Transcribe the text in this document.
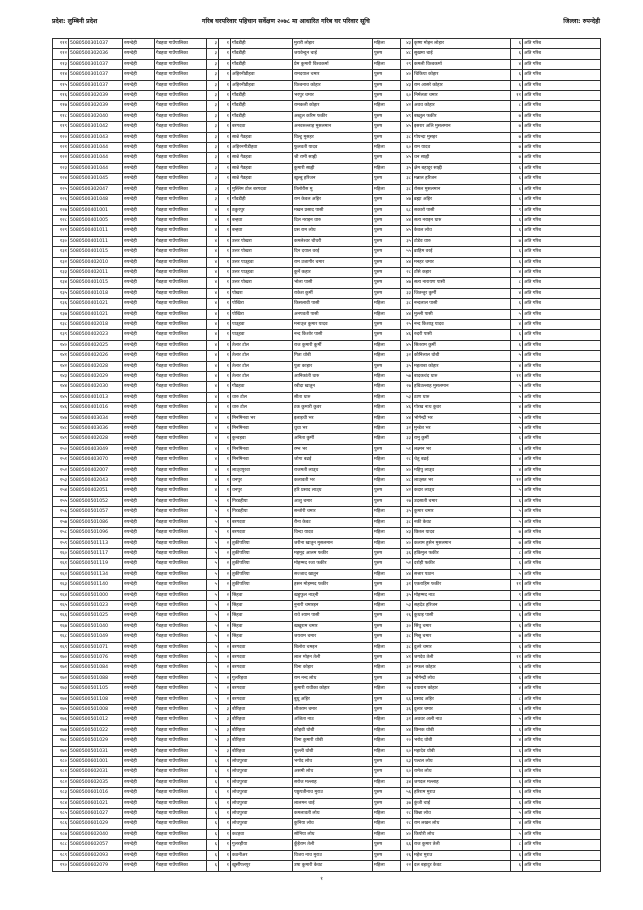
प्रदेश: लुम्बिनी प्रदेश	गरिब घरपरिवार पहिचान सर्वेक्षण २०७८ मा आधारित गरिब घर परिवार सूचि	जिल्ला: रुपन्देही
१११	5080500301037	रुपन्देही	गैडहवा गाउँपालिका	३	१	गाँवडीही	मुरारी लोहार	महिला	४३	कृष्ण मोहन लोहार	६	अति गरिब
११२	5080500302036	रुपन्देही	गैडहवा गाउँपालिका	३	१	गाँवडीही	जयवेन्दुन चाई	पुरुष	४८	सुखमा चाई	६	अति गरिब
११३	5080500301037	रुपन्देही	गैडहवा गाउँपालिका	३	१	गाँवडीही	प्रेम कुमारी विश्वकर्मा	महिला	२९	कमली विश्वकर्मा	४	अति गरिब
११४	5080500301037	रुपन्देही	गैडहवा गाउँपालिका	३	१	अहिरनीडीहवा	रामदयाल चमार	पुरुष	४०	चिकिया कोहार	६	अति गरिब
११५	5080500301037	रुपन्देही	गैडहवा गाउँपालिका	३	१	अहिरनीडीहवा	विश्वनाथ कोहार	पुरुष	४३	राम आसरे कोहार	६	अति गरिब
११६	5080500302039	रुपन्देही	गैडहवा गाउँपालिका	३	१	गाँवडीही	भरपुर चमार	पुरुष	६०	निर्मलता चमार	११	अति गरिब
११७	5080500302039	रुपन्देही	गैडहवा गाउँपालिका	३	१	गाँवडीही	रामकली कोहार	महिला	४२	अवध कोहार	८	अति गरिब
११८	5080500302040	रुपन्देही	गैडहवा गाउँपालिका	३	१	गाँवडीही	अब्दुल करिम फकीर	पुरुष	४९	बख्तुल फकीर	७	अति गरिब
११९	5080500301042	रुपन्देही	गैडहवा गाउँपालिका	३	१	बरगदवा	अनवरुल्लाह मुसलमान	पुरुष	४५	इसरार अलि मुसलमान	७	अति गरिब
१२०	5080500301043	रुपन्देही	गैडहवा गाउँपालिका	३	१	सान्ने गैडहवा	विल्टु मुसहर	पुरुष	३८	गोयन्दा मुसहर	७	अति गरिब
१२१	5080500301044	रुपन्देही	गैडहवा गाउँपालिका	३	१	अहिरनगीडीहवा	फुलवती यादव	महिला	६०	राम यादव	७	अति गरिब
१२२	5080500301044	रुपन्देही	गैडहवा गाउँपालिका	३	१	सान्ने गैडहवा	श्री रामी साह्नी	पुरुष	४५	धन साह्नी	७	अति गरिब
१२३	5080500301044	रुपन्देही	गैडहवा गाउँपालिका	३	१	सान्ने गैडहवा	कुमारी साह्नी	महिला	३५	क्षेम बहादुर साह्नी	६	अति गरिब
१२४	5080500301045	रुपन्देही	गैडहवा गाउँपालिका	३	१	सान्ने गैडहवा	खुल्बु हरिजन	पुरुष	३८	मन्नाल हरिजन	६	अति गरिब
१२५	5080500302047	रुपन्देही	गैडहवा गाउँपालिका	३	१	मुस्लिम टोल बरगदवा	तिलोरीस मु	महिला	३८	रोसल मुसलमान	६	अति गरिब
१२६	5080500301048	रुपन्देही	गैडहवा गाउँपालिका	३	१	गाँवडीही	राम केवल अहिर	पुरुष	४७	ब्रह्मा अहिर	६	अति गरिब
१२७	5080500401001	रुपन्देही	गैडहवा गाउँपालिका	४	१	ठकुरपुर	मखन प्रसाद पासी	पुरुष	६८	सकारो पासी	९	अति गरिब
१२८	5080500401005	रुपन्देही	गैडहवा गाउँपालिका	४	१	बन्हवा	दिल नराइन धारु	पुरुष	४४	सत्य नराइन धारु	६	अति गरिब
१२९	5080500401011	रुपन्देही	गैडहवा गाउँपालिका	४	१	बन्हवा	प्रस राम लोध	पुरुष	४५	केवल लोध	६	अति गरिब
१३०	5080500401011	रुपन्देही	गैडहवा गाउँपालिका	४	१	उत्तर पोखरा	कमलेश्वर चौधरी	पुरुष	३५	टोडेव धारु	७	अति गरिब
१३१	5080500401015	रुपन्देही	गैडहवा गाउँपालिका	४	१	उत्तर पोखरा	दिन दयाल वरई	पुरुष	५५	ब्राहिम वरई	६	अति गरिब
१३२	5080500402010	रुपन्देही	गैडहवा गाउँपालिका	४	१	उत्तर पाउ्हवा	राम उजागीर चमार	पुरुष	४४	मनहर चमार	६	अति गरिब
१३३	5080500402011	रुपन्देही	गैडहवा गाउँपालिका	४	१	उत्तर पाउ्हवा	कुर्ने कहार	पुरुष	२८	टाँसे कहार	४	अति गरिब
१३४	5080500401015	रुपन्देही	गैडहवा गाउँपालिका	४	१	उत्तर पोखरा	भोला पासी	पुरुष	४७	सत्य नारायण पासी	८	अति गरिब
१३५	5080500401018	रुपन्देही	गैडहवा गाउँपालिका	४	१	पोखरा	राकेश कुर्मी	पुरुष	३३	जितन्तुर कुर्मी	४	अति गरिब
१३६	5080500401021	रुपन्देही	गैडहवा गाउँपालिका	४	१	पोखिरा	किसलावी पासी	महिला	३८	नन्दलाल पासी	६	अति गरिब
१३७	5080500401021	रुपन्देही	गैडहवा गाउँपालिका	४	१	पोखिरा	अनपवती पासी	महिला	४४	मुल्ली पासी	५	अति गरिब
१३८	5080500402018	रुपन्देही	गैडहवा गाउँपालिका	४	१	पाउ्हवा	मनाउ्ज कुमार यादव	पुरुष	२५	नन्द किशाउ्र यादव	४	अति गरिब
१३९	5080500402023	रुपन्देही	गैडहवा गाउँपालिका	४	१	पाउ्हवा	नन्द किशोर पासी	पुरुष	४६	रुदरी पासी	६	अति गरिब
१४०	5080500402025	रुपन्देही	गैडहवा गाउँपालिका	४	१	तेलार टोल	राज कुमारी कुर्मी	महिला	४५	सितराम कुर्मी	६	अति गरिब
१४१	5080500402026	रुपन्देही	गैडहवा गाउँपालिका	४	१	तेलार टोल	गिता धोबी	महिला	३२	कौनिलाल धोबी	५	अति गरिब
१४२	5080500402028	रुपन्देही	गैडहवा गाउँपालिका	४	१	तेलार टोल	पुता काहार	पुरुष	३५	महताबा कोहार	४	अति गरिब
१४३	5080500402029	रुपन्देही	गैडहवा गाउँपालिका	४	१	तेलार टोल	आनिकांती धारु	महिला	५७	बादकचंद धारु	११	अति गरिब
१४४	5080500402030	रुपन्देही	गैडहवा गाउँपालिका	४	१	गौडहवा	रबीदा खातुन	महिला	२७	हबिउल्लाह मुसलमान	५	अति गरिब
१४५	5080500401013	रुपन्देही	गैडहवा गाउँपालिका	४	१	धारु टोल	सीता धारु	महिला	५३	ठाण धारु	५	अति गरिब
१४६	5080500401016	रुपन्देही	गैडहवा गाउँपालिका	४	१	धारु टोल	टक कुमारी कुवर	महिला	४६	गोरख नाथ कुवर	४	अति गरिब
१४७	5080500403034	रुपन्देही	गैडहवा गाउँपालिका	४	१	मिनमिनवा भर	इलाइची भर	महिला	४४	भोगेन्द्री भर	५	अति गरिब
१४८	5080500403036	रुपन्देही	गैडहवा गाउँपालिका	४	१	मिनमिनवा	धुधा भर	महिला	३२	मुन्डेश भर	५	अति गरिब
१४९	5080500402028	रुपन्देही	गैडहवा गाउँपालिका	४	१	कुन्वहवा	अनिता कुर्मी	महिला	३३	रामु कुर्मी	६	अति गरिब
१५०	5080500403049	रुपन्देही	गैडहवा गाउँपालिका	४	१	मिनमिनवा	रम्भ भर	पुरुष	५१	लक्ष्मन भर	६	अति गरिब
१५१	5080500403070	रुपन्देही	गैडहवा गाउँपालिका	४	१	मिनमिनवा	जोगा बढई	महिला	२८	चेतु बढई	४	अति गरिब
१५२	5080500402007	रुपन्देही	गैडहवा गाउँपालिका	४	१	लाउ्धपुरवा	राजमती लाउ्ध	महिला	४०	महिपु लाउ्ध	४	अति गरिब
१५३	5080500402043	रुपन्देही	गैडहवा गाउँपालिका	४	१	धनपुर	कलावती भर	महिला	४८	लाउ्सत भर	१२	अति गरिब
१५४	5080500402051	रुपन्देही	गैडहवा गाउँपालिका	४	१	धनपुर	हरि प्रसाद लाउ्ध	पुरुष	४२	कदार लाउ्ध	५	अति गरिब
१५५	5080500501052	रुपन्देही	गैडहवा गाउँपालिका	५	१	गिरडहीया	आशु चमार	पुरुष	२७	उदसाती चमार	६	अति गरिब
१५६	5080500501057	रुपन्देही	गैडहवा गाउँपालिका	५	१	गिरडहीया	सन्तोरी चमार	महिला	३५	कुमार चमार	५	अति गरिब
१५७	5080500501086	रुपन्देही	गैडहवा गाउँपालिका	५	१	बरगदवा	रीना केवट	महिला	३८	नकी केवट	५	अति गरिब
१५८	5080500501096	रुपन्देही	गैडहवा गाउँपालिका	५	१	बरगदवा	विन्दा यादव	महिला	४३	छितल यादव	७	अति गरिब
१५९	5080500501113	रुपन्देही	गैडहवा गाउँपालिका	५	२	तुकीपतिया	जरीना खातुन मुसलमान	महिला	४०	कलाम हुसेन मुसलमान	७	अति गरिब
१६०	5080500501117	रुपन्देही	गैडहवा गाउँपालिका	५	२	तुकीपतिया	महमूद आलम फकीर	पुरुष	३६	हकिमुल फकीर	८	अति गरिब
१६१	5080500501119	रुपन्देही	गैडहवा गाउँपालिका	५	२	तुकीपतिया	मोहम्मद रजा फकीर	पुरुष	५२	दर्राही फकीर	६	अति गरिब
१६२	5080500501134	रुपन्देही	गैडहवा गाउँपालिका	५	२	तुकीपतिया	सज्जाद खातुन	महिला	४४	सत्तार पठान	५	अति गरिब
१६३	5080500501140	रुपन्देही	गैडहवा गाउँपालिका	५	२	तुकीपतिया	हसन मोहम्मद फकीर	पुरुष	३१	एकराहिम फकीर	११	अति गरिब
१६४	5080500501000	रुपन्देही	गैडहवा गाउँपालिका	५	२	सिहवा	खहुफुल नाउ्नी	महिला	३५	मोहम्मद नाउ	९	अति गरिब
१६५	5080500501023	रुपन्देही	गैडहवा गाउँपालिका	५	२	सिहवा	नुनारी चमारइन	महिला	५३	सहदेउ हरिजन	६	अति गरिब
१६६	5080500501025	रुपन्देही	गैडहवा गाउँपालिका	५	२	सिहवा	राधे श्याम पासी	पुरुष	२६	कुधाइ पासी	६	अति गरिब
१६७	5080500501040	रुपन्देही	गैडहवा गाउँपालिका	५	२	सिहवा	खखुराम चमार	पुरुष	३०	सिंधु चमार	६	अति गरिब
१६८	5080500501049	रुपन्देही	गैडहवा गाउँपालिका	५	२	सिहवा	जयराम चमार	पुरुष	३८	मिस्रु चमार	७	अति गरिब
१६९	5080500501071	रुपन्देही	गैडहवा गाउँपालिका	५	२	बरगदवा	बिलोरा चमइन	महिला	३८	दुलरे चमार	६	अति गरिब
१७०	5080500501076	रुपन्देही	गैडहवा गाउँपालिका	५	२	बरगदवा	लाल मोहन तेली	पुरुष	४१	जगदेव तेली	११	अति गरिब
१७१	5080500501084	रुपन्देही	गैडहवा गाउँपालिका	५	२	बरगदवा	विना कोहार	महिला	३२	रम्फल कोहार	६	अति गरिब
१७२	5080500501088	रुपन्देही	गैडहवा गाउँपालिका	५	२	गुलरिहवा	राम नन्द लोध	पुरुष	३७	भोगेन्द्री लोध	६	अति गरिब
१७३	5080500501105	रुपन्देही	गैडहवा गाउँपालिका	५	२	बरगदवा	कुमारी राधीका कोहार	महिला	२७	दयाराम कोहार	४	अति गरिब
१७४	5080500501108	रुपन्देही	गैडहवा गाउँपालिका	५	२	बरगदवा	बुधु अहिर	पुरुष	६६	प्रसाद अहिर	८	अति गरिब
१७५	5080500501008	रुपन्देही	गैडहवा गाउँपालिका	५	३	बौरिहवा	शीतराम चमार	पुरुष	३६	दुलार चमार	६	अति गरिब
१७६	5080500501012	रुपन्देही	गैडहवा गाउँपालिका	५	३	बौरिहवा	अजिता नाउ	महिला	३१	अवधर अली नाउ	५	अति गरिब
१७७	5080500501022	रुपन्देही	गैडहवा गाउँपालिका	५	३	बौरिहवा	कौहवी धोबी	महिला	४४	छिनक धोबी	६	अति गरिब
१७८	5080500501029	रुपन्देही	गैडहवा गाउँपालिका	५	३	बौरिहवा	विना कुमारी धोबी	महिला	२०	भरोद धोबी	४	अति गरिब
१७९	5080500501031	रुपन्देही	गैडहवा गाउँपालिका	५	३	बौरिहवा	फूल्ली धोबी	महिला	६०	महादेव धोबी	६	अति गरिब
१८०	5080500601001	रुपन्देही	गैडहवा गाउँपालिका	६	१	लोधपुरवा	भगोद लोध	पुरुष	६३	पल्टल लोध	६	अति गरिब
१८१	5080500602031	रुपन्देही	गैडहवा गाउँपालिका	६	१	लोधपुरवा	असमी लोध	पुरुष	६०	रामेश लोध	६	अति गरिब
१८२	5080500602035	रुपन्देही	गैडहवा गाउँपालिका	६	१	लोधपुरवा	सरोज मल्लाह	महिला	३४	जगदल मल्लाह	६	अति गरिब
१८३	5080500601016	रुपन्देही	गैडहवा गाउँपालिका	६	१	लोधपुरवा	पछुपतीनाथ मुराउ	पुरुष	५६	हरिराम मुराउ	६	अति गरिब
१८४	5080500601021	रुपन्देही	गैडहवा गाउँपालिका	६	१	लोधपुरवा	लालमन चाई	पुरुष	३७	कुंजी चाई	६	अति गरिब
१८५	5080500601027	रुपन्देही	गैडहवा गाउँपालिका	६	१	लोधपुरवा	कमलावती लोध	महिला	२८	छिन्ना लोध	५	अति गरिब
१८६	5080500601029	रुपन्देही	गैडहवा गाउँपालिका	६	१	लोधपुरवा	कुनिया लोध	महिला	२८	राम लखन लोध	४	अति गरिब
१८७	5080500602040	रुपन्देही	गैडहवा गाउँपालिका	६	१	कटहवा	सोनिया लोध	महिला	४०	कियोरी लोध	५	अति गरिब
१८८	5080500602057	रुपन्देही	गैडहवा गाउँपालिका	६	१	गुलरहीया	कुँहैराम तेली	पुरुष	६६	राज कुमार तेली	८	अति गरिब
१८९	5080500602093	रुपन्देही	गैडहवा गाउँपालिका	६	१	कठनीअर	विजय नाथ मुराउ	पुरुष	२६	महेश मुराउ	६	अति गरिब
१९०	5080500602079	रुपन्देही	गैडहवा गाउँपालिका	६	१	खुर्सीपलपुर	उषा कुमारी केवट	महिला	२२	दल बहादुर केवट	६	अति गरिब
१
